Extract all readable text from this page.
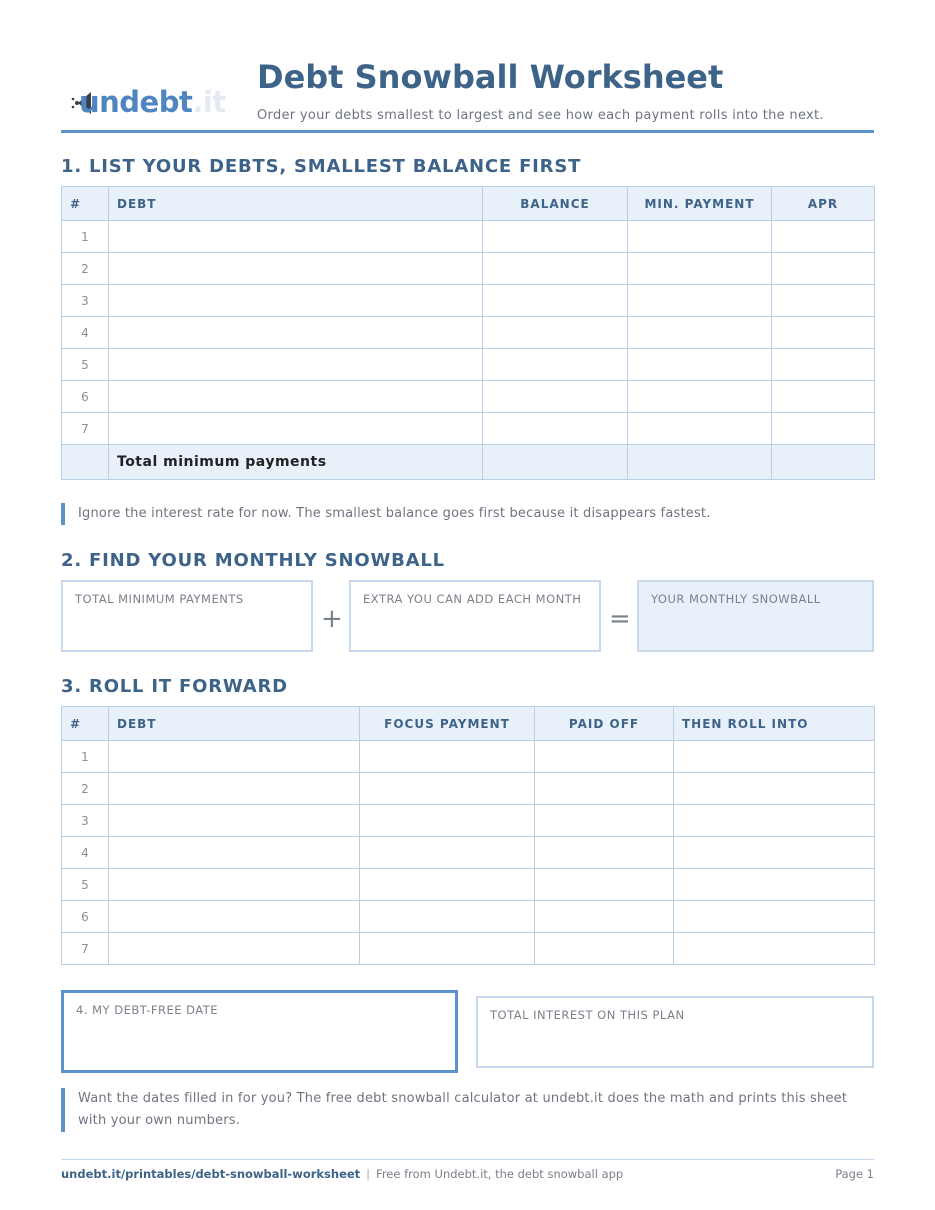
undebt.it
Debt Snowball Worksheet
Order your debts smallest to largest and see how each payment rolls into the next.
1. LIST YOUR DEBTS, SMALLEST BALANCE FIRST
#	DEBT	BALANCE	MIN. PAYMENT	APR
1				
2				
3				
4				
5				
6				
7				
	Total minimum payments			
Ignore the interest rate for now. The smallest balance goes first because it disappears fastest.
2. FIND YOUR MONTHLY SNOWBALL
TOTAL MINIMUM PAYMENTS
+
EXTRA YOU CAN ADD EACH MONTH
=
YOUR MONTHLY SNOWBALL
3. ROLL IT FORWARD
#	DEBT	FOCUS PAYMENT	PAID OFF	THEN ROLL INTO
1				
2				
3				
4				
5				
6				
7				
4. MY DEBT-FREE DATE	TOTAL INTEREST ON THIS PLAN
Want the dates filled in for you? The free debt snowball calculator at undebt.it does the math and prints this sheet with your own numbers.
undebt.it/printables/debt-snowball-worksheet | Free from Undebt.it, the debt snowball app	Page 1
